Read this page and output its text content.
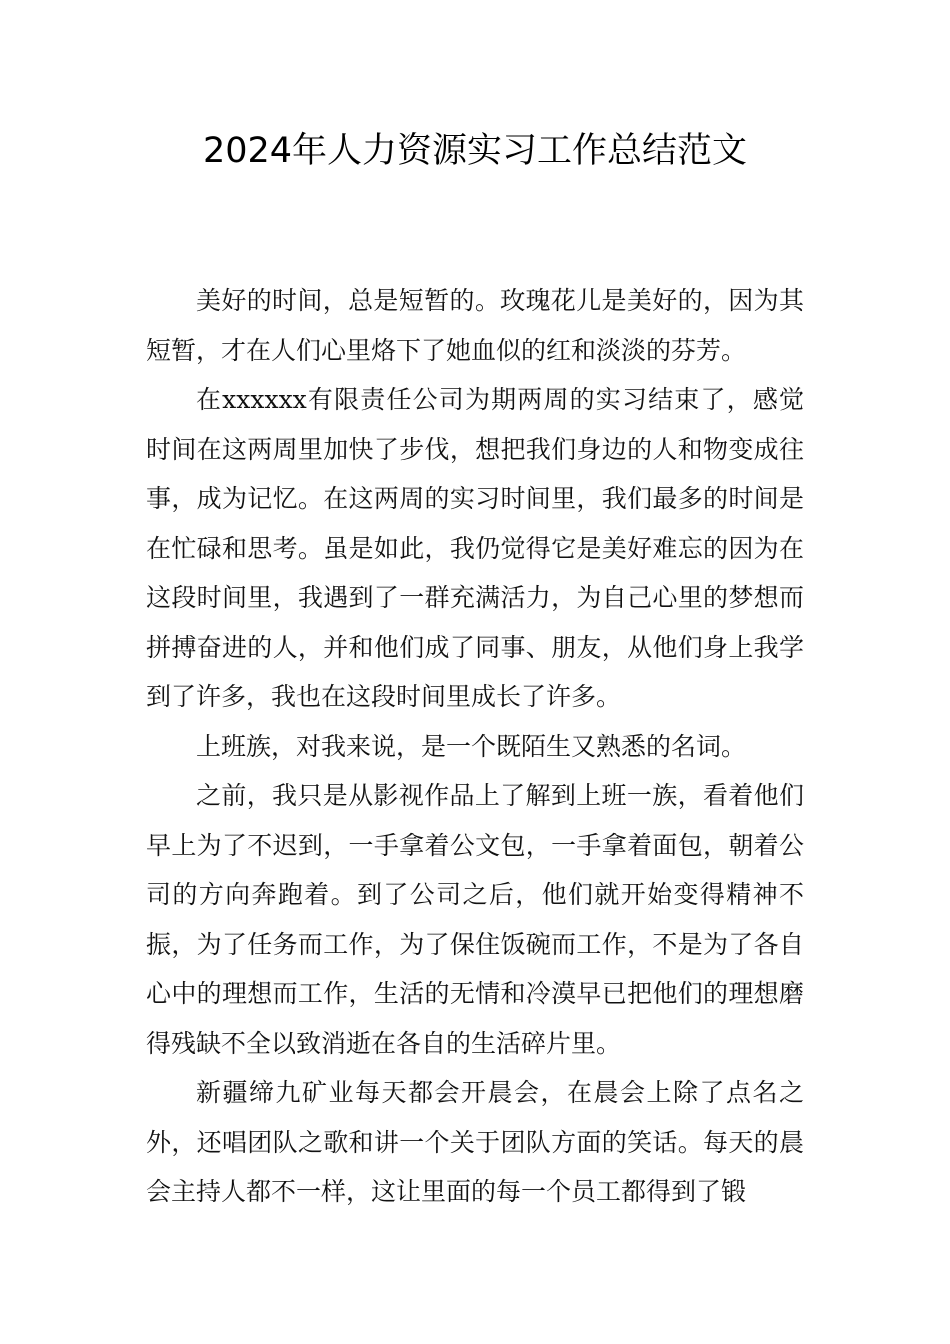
2024年人力资源实习工作总结范文

美好的时间，总是短暂的。玫瑰花儿是美好的，因为其短暂，才在人们心里烙下了她血似的红和淡淡的芬芳。

在xxxxxx有限责任公司为期两周的实习结束了，感觉时间在这两周里加快了步伐，想把我们身边的人和物变成往事，成为记忆。在这两周的实习时间里，我们最多的时间是在忙碌和思考。虽是如此，我仍觉得它是美好难忘的因为在这段时间里，我遇到了一群充满活力，为自己心里的梦想而拼搏奋进的人，并和他们成了同事、朋友，从他们身上我学到了许多，我也在这段时间里成长了许多。

上班族，对我来说，是一个既陌生又熟悉的名词。

之前，我只是从影视作品上了解到上班一族，看着他们早上为了不迟到，一手拿着公文包，一手拿着面包，朝着公司的方向奔跑着。到了公司之后，他们就开始变得精神不振，为了任务而工作，为了保住饭碗而工作，不是为了各自心中的理想而工作，生活的无情和冷漠早已把他们的理想磨得残缺不全以致消逝在各自的生活碎片里。

新疆缔九矿业每天都会开晨会，在晨会上除了点名之外，还唱团队之歌和讲一个关于团队方面的笑话。每天的晨会主持人都不一样，这让里面的每一个员工都得到了锻
